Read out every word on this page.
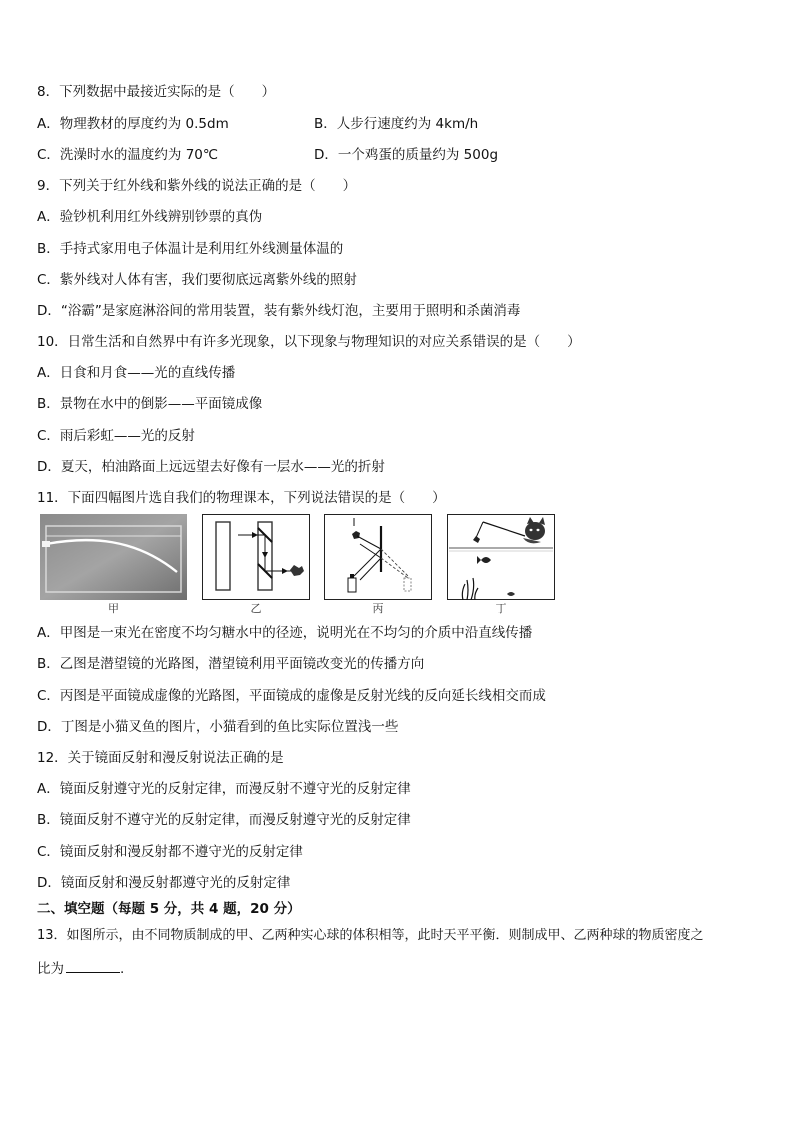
8．下列数据中最接近实际的是（　　）
A．物理教材的厚度约为 0.5dm	B．人步行速度约为 4km/h
C．洗澡时水的温度约为 70℃	D．一个鸡蛋的质量约为 500g
9．下列关于红外线和紫外线的说法正确的是（　　）
A．验钞机利用红外线辨别钞票的真伪
B．手持式家用电子体温计是利用红外线测量体温的
C．紫外线对人体有害，我们要彻底远离紫外线的照射
D．“浴霸”是家庭淋浴间的常用装置，装有紫外线灯泡，主要用于照明和杀菌消毒
10．日常生活和自然界中有许多光现象，以下现象与物理知识的对应关系错误的是（　　）
A．日食和月食——光的直线传播
B．景物在水中的倒影——平面镜成像
C．雨后彩虹——光的反射
D．夏天，柏油路面上远远望去好像有一层水——光的折射
11．下面四幅图片选自我们的物理课本，下列说法错误的是（　　）
甲	乙	丙	丁
A．甲图是一束光在密度不均匀糖水中的径迹，说明光在不均匀的介质中沿直线传播
B．乙图是潜望镜的光路图，潜望镜利用平面镜改变光的传播方向
C．丙图是平面镜成虚像的光路图，平面镜成的虚像是反射光线的反向延长线相交而成
D．丁图是小猫叉鱼的图片，小猫看到的鱼比实际位置浅一些
12．关于镜面反射和漫反射说法正确的是
A．镜面反射遵守光的反射定律，而漫反射不遵守光的反射定律
B．镜面反射不遵守光的反射定律，而漫反射遵守光的反射定律
C．镜面反射和漫反射都不遵守光的反射定律
D．镜面反射和漫反射都遵守光的反射定律
二、填空题（每题 5 分，共 4 题，20 分）
13．如图所示，由不同物质制成的甲、乙两种实心球的体积相等，此时天平平衡．则制成甲、乙两种球的物质密度之
比为	.
